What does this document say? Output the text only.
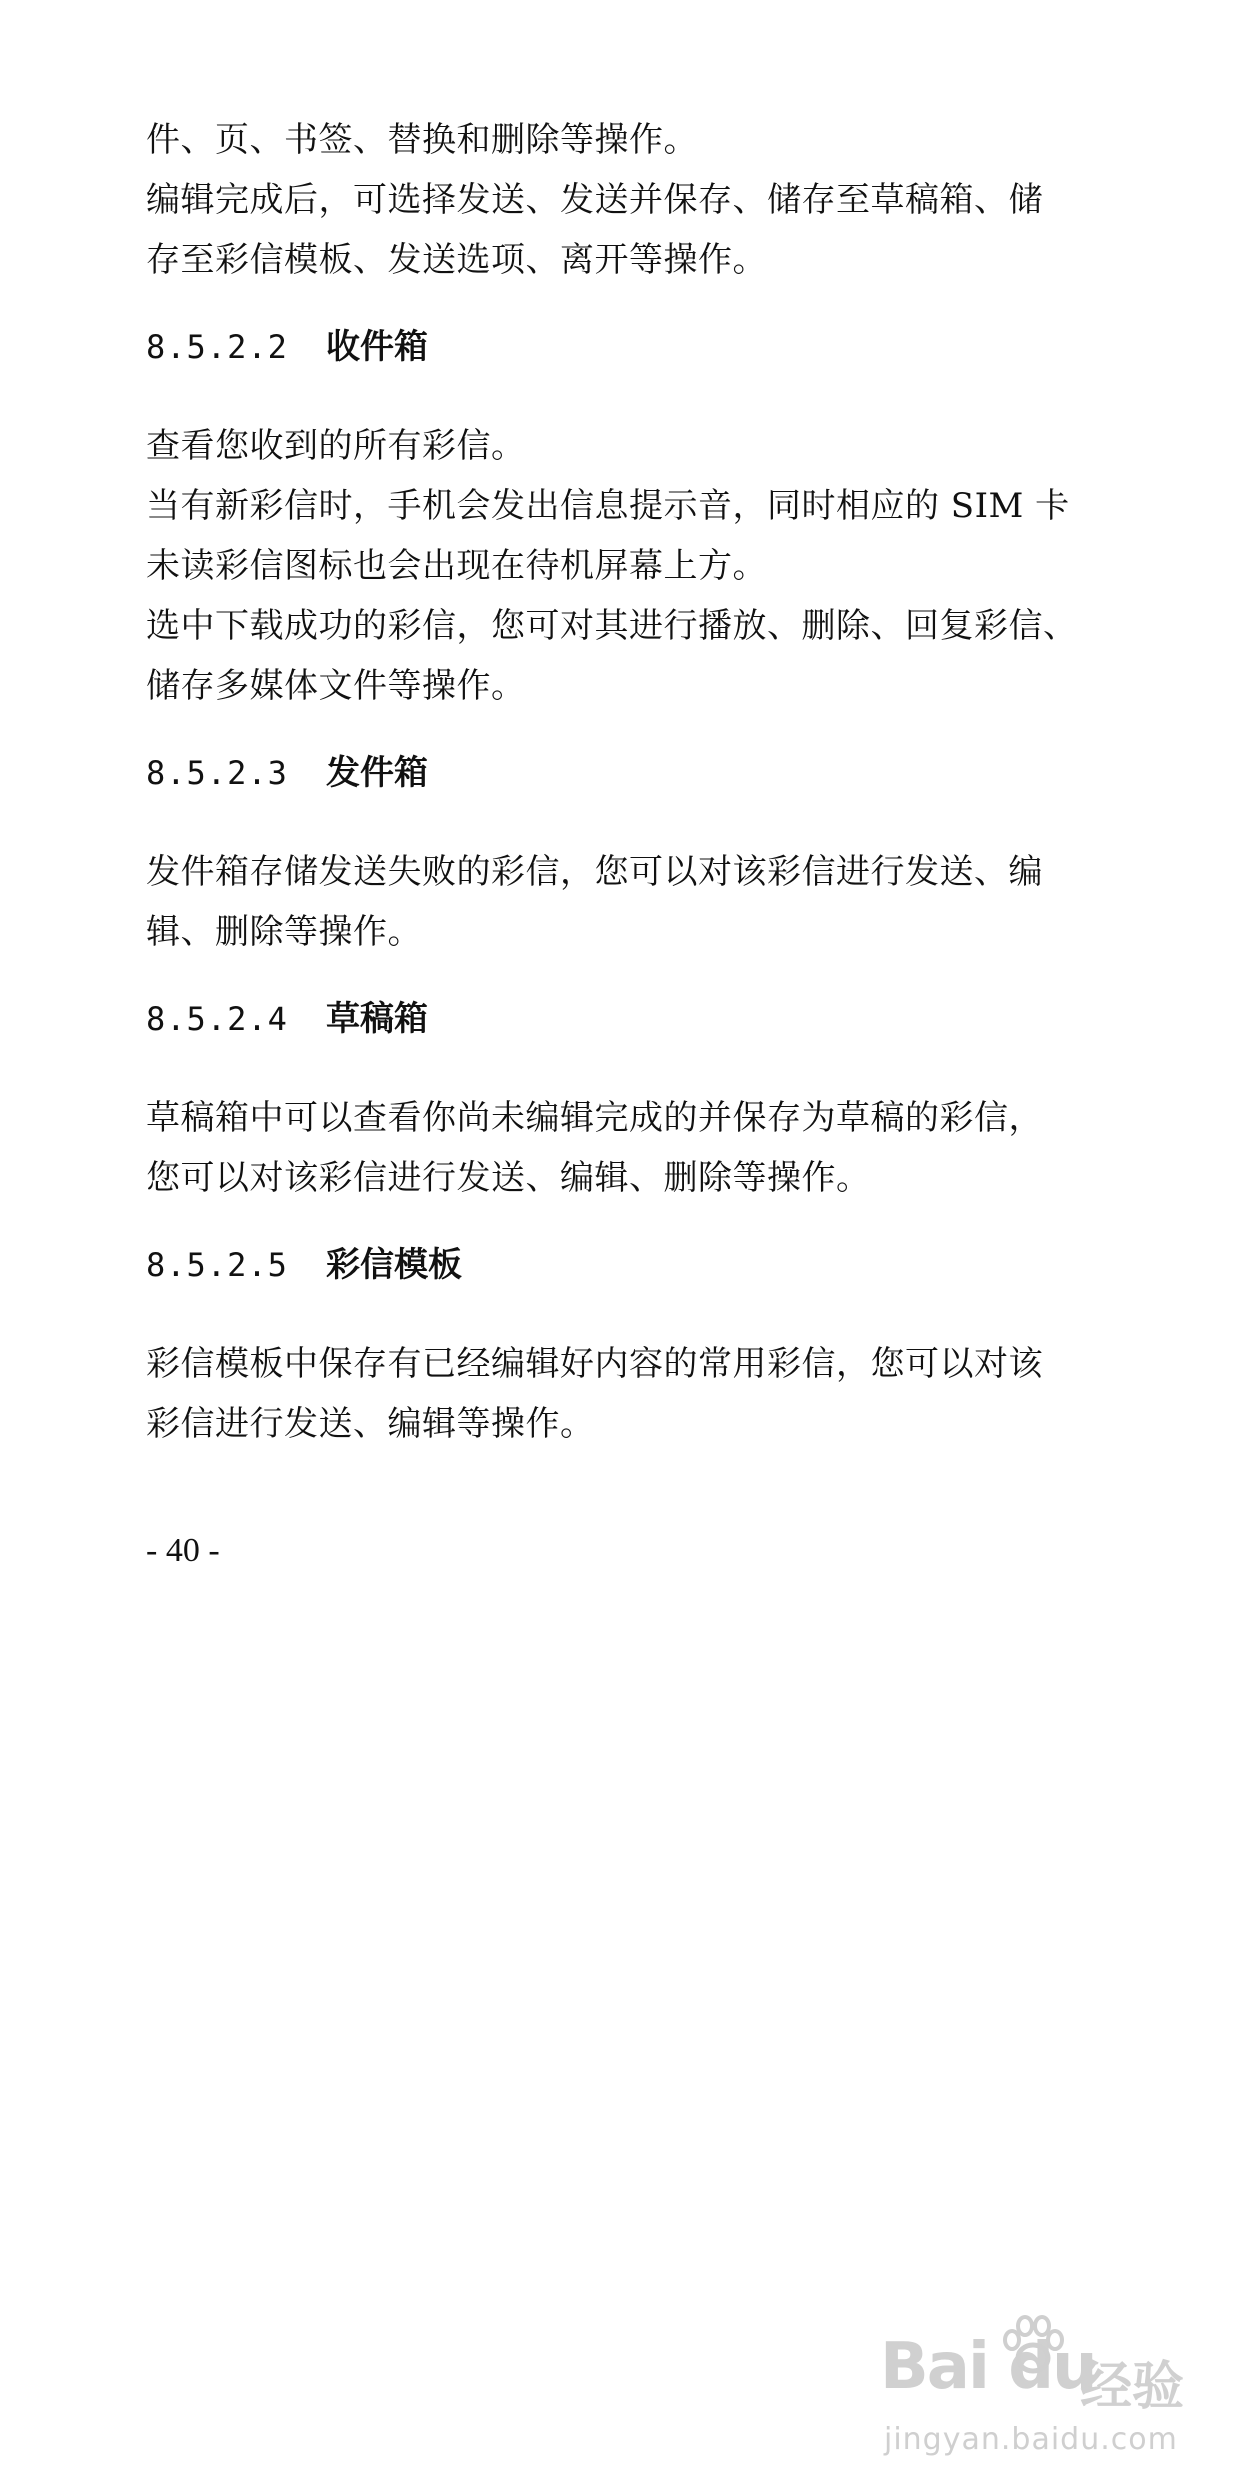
件、页、书签、替换和删除等操作。
编辑完成后，可选择发送、发送并保存、储存至草稿箱、储
存至彩信模板、发送选项、离开等操作。

8.5.2.2	收件箱

查看您收到的所有彩信。
当有新彩信时，手机会发出信息提示音，同时相应的 SIM 卡
未读彩信图标也会出现在待机屏幕上方。
选中下载成功的彩信，您可对其进行播放、删除、回复彩信、
储存多媒体文件等操作。

8.5.2.3	发件箱

发件箱存储发送失败的彩信，您可以对该彩信进行发送、编
辑、删除等操作。

8.5.2.4	草稿箱

草稿箱中可以查看你尚未编辑完成的并保存为草稿的彩信，
您可以对该彩信进行发送、编辑、删除等操作。

8.5.2.5	彩信模板

彩信模板中保存有已经编辑好内容的常用彩信，您可以对该
彩信进行发送、编辑等操作。

- 40 -
Bai du
经验
jingyan.baidu.com
